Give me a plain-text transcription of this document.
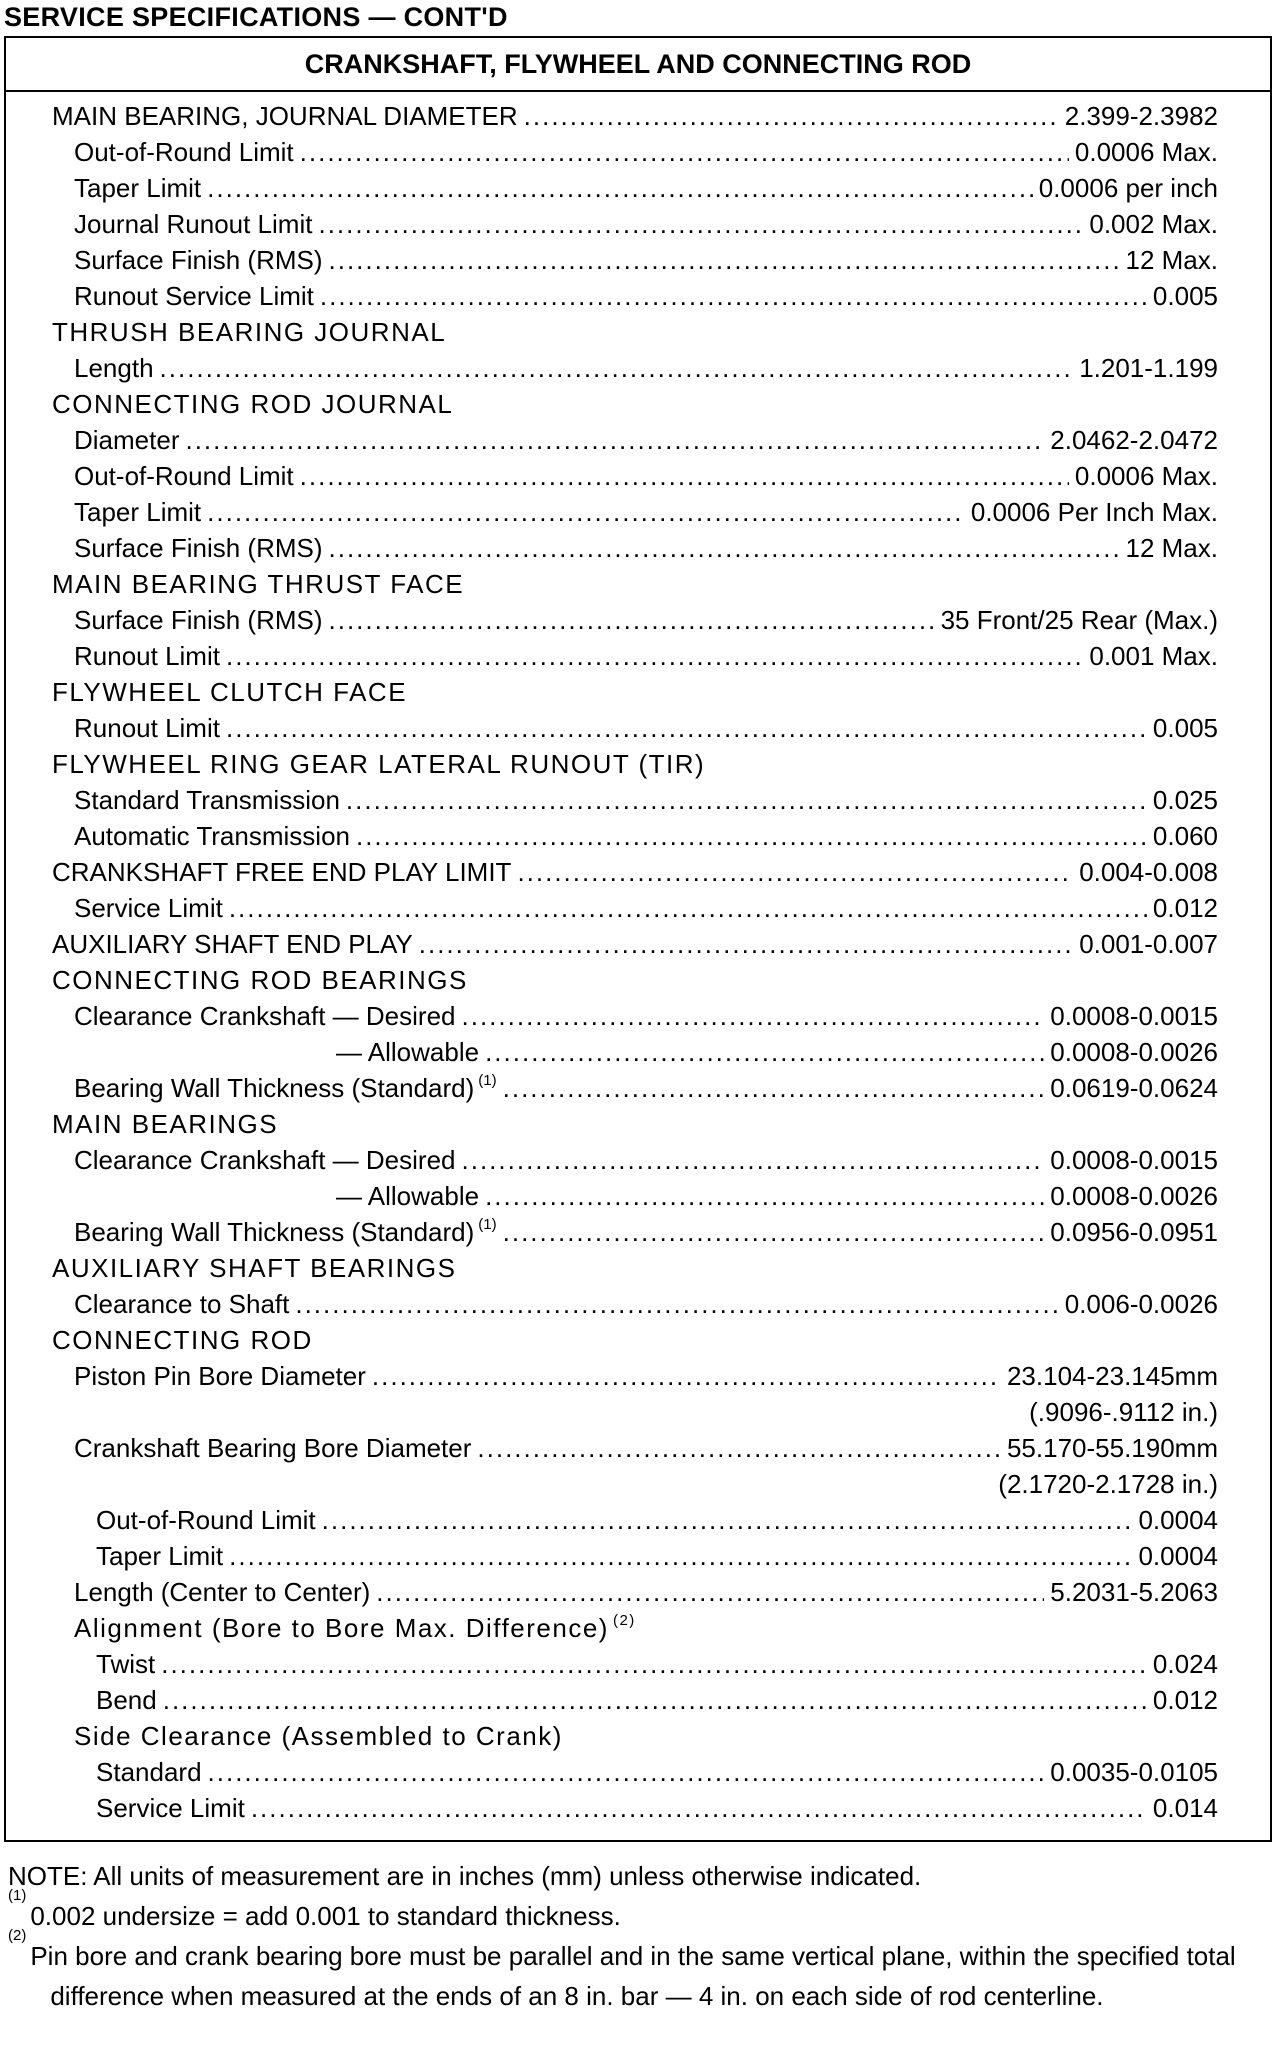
SERVICE SPECIFICATIONS — CONT'D
CRANKSHAFT, FLYWHEEL AND CONNECTING ROD
MAIN BEARING, JOURNAL DIAMETER .....	2.399-2.3982
Out-of-Round Limit .....	0.0006 Max.
Taper Limit .....	0.0006 per inch
Journal Runout Limit .....	0.002 Max.
Surface Finish (RMS) .....	12 Max.
Runout Service Limit .....	0.005
THRUSH BEARING JOURNAL
Length .....	1.201-1.199
CONNECTING ROD JOURNAL
Diameter .....	2.0462-2.0472
Out-of-Round Limit .....	0.0006 Max.
Taper Limit .....	0.0006 Per Inch Max.
Surface Finish (RMS) .....	12 Max.
MAIN BEARING THRUST FACE
Surface Finish (RMS) .....	35 Front/25 Rear (Max.)
Runout Limit .....	0.001 Max.
FLYWHEEL CLUTCH FACE
Runout Limit .....	0.005
FLYWHEEL RING GEAR LATERAL RUNOUT (TIR)
Standard Transmission .....	0.025
Automatic Transmission .....	0.060
CRANKSHAFT FREE END PLAY LIMIT .....	0.004-0.008
Service Limit .....	0.012
AUXILIARY SHAFT END PLAY .....	0.001-0.007
CONNECTING ROD BEARINGS
Clearance Crankshaft — Desired .....	0.0008-0.0015
— Allowable .....	0.0008-0.0026
Bearing Wall Thickness (Standard) $^{(1)}$ .....	0.0619-0.0624
MAIN BEARINGS
Clearance Crankshaft — Desired .....	0.0008-0.0015
— Allowable .....	0.0008-0.0026
Bearing Wall Thickness (Standard) $^{(1)}$ .....	0.0956-0.0951
AUXILIARY SHAFT BEARINGS
Clearance to Shaft .....	0.006-0.0026
CONNECTING ROD
Piston Pin Bore Diameter .....	23.104-23.145mm
(.9096-.9112 in.)
Crankshaft Bearing Bore Diameter .....	55.170-55.190mm
(2.1720-2.1728 in.)
Out-of-Round Limit .....	0.0004
Taper Limit .....	0.0004
Length (Center to Center) .....	5.2031-5.2063
Alignment (Bore to Bore Max. Difference) $^{(2)}$
Twist .....	0.024
Bend .....	0.012
Side Clearance (Assembled to Crank)
Standard .....	0.0035-0.0105
Service Limit .....	0.014
NOTE: All units of measurement are in inches (mm) unless otherwise indicated.
(1)
0.002 undersize = add 0.001 to standard thickness.
(2)
Pin bore and crank bearing bore must be parallel and in the same vertical plane, within the specified total difference when measured at the ends of an 8 in. bar — 4 in. on each side of rod centerline.
